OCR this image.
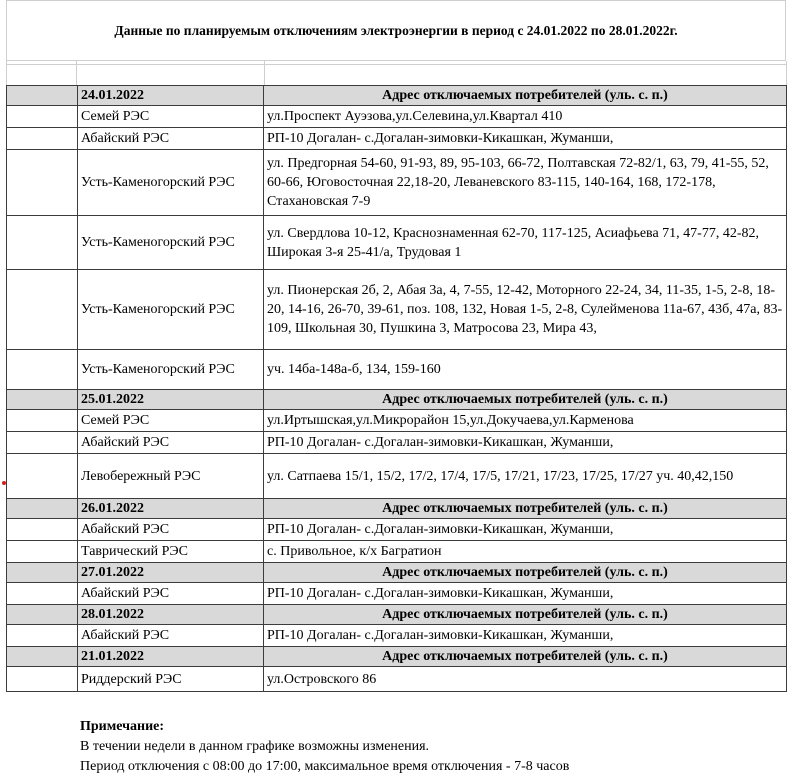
Данные по планируемым отключениям электроэнергии в период с 24.01.2022 по 28.01.2022г.
	24.01.2022	Адрес отключаемых потребителей (уль. с. п.)
	Семей РЭС	ул.Проспект Ауэзова,ул.Селевина,ул.Квартал 410
	Абайский РЭС	РП-10 Догалан- с.Догалан-зимовки-Кикашкан, Жуманши,
	Усть-Каменогорский РЭС	ул. Предгорная 54-60, 91-93, 89, 95-103, 66-72, Полтавская 72-82/1, 63, 79, 41-55, 52, 60-66, Юговосточная 22,18-20, Леваневского 83-115, 140-164, 168, 172-178, Стахановская 7-9
	Усть-Каменогорский РЭС	ул. Свердлова 10-12, Краснознаменная 62-70, 117-125, Асиафьева 71, 47-77, 42-82, Широкая 3-я 25-41/а, Трудовая 1
	Усть-Каменогорский РЭС	ул. Пионерская 2б, 2, Абая 3а, 4, 7-55, 12-42, Моторного 22-24, 34, 11-35, 1-5, 2-8, 18-20, 14-16, 26-70, 39-61, поз. 108, 132, Новая 1-5, 2-8, Сулейменова 11а-67, 43б, 47а, 83-109, Школьная 30, Пушкина 3, Матросова 23, Мира 43,
	Усть-Каменогорский РЭС	уч. 14ба-148а-б, 134, 159-160
	25.01.2022	Адрес отключаемых потребителей (уль. с. п.)
	Семей РЭС	ул.Иртышская,ул.Микрорайон 15,ул.Докучаева,ул.Карменова
	Абайский РЭС	РП-10 Догалан- с.Догалан-зимовки-Кикашкан, Жуманши,
	Левобережный РЭС	ул. Сатпаева 15/1, 15/2, 17/2, 17/4, 17/5, 17/21, 17/23, 17/25, 17/27 уч. 40,42,150
	26.01.2022	Адрес отключаемых потребителей (уль. с. п.)
	Абайский РЭС	РП-10 Догалан- с.Догалан-зимовки-Кикашкан, Жуманши,
	Таврический РЭС	с. Привольное, к/х Багратион
	27.01.2022	Адрес отключаемых потребителей (уль. с. п.)
	Абайский РЭС	РП-10 Догалан- с.Догалан-зимовки-Кикашкан, Жуманши,
	28.01.2022	Адрес отключаемых потребителей (уль. с. п.)
	Абайский РЭС	РП-10 Догалан- с.Догалан-зимовки-Кикашкан, Жуманши,
	21.01.2022	Адрес отключаемых потребителей (уль. с. п.)
	Риддерский РЭС	ул.Островского 86
Примечание:
В течении недели в данном графике возможны изменения.
Период отключения с 08:00 до 17:00, максимальное время отключения - 7-8 часов
